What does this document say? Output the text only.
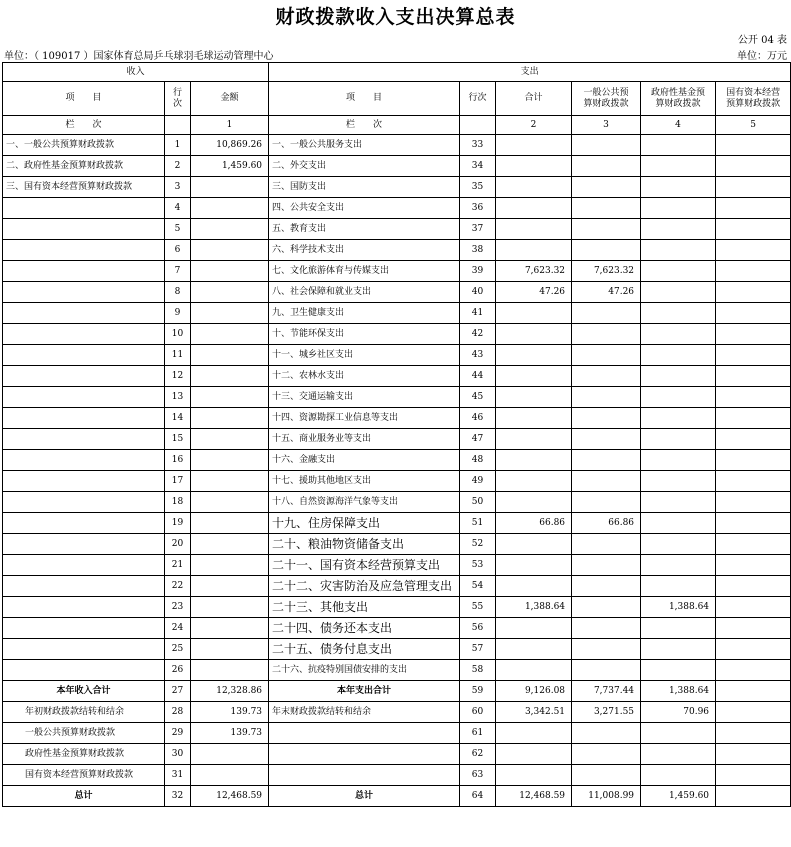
财政拨款收入支出决算总表
公开 04 表
单位：（ 109017 ）国家体育总局乒乓球羽毛球运动管理中心	单位：万元
收入			支出					
项　　目	行
次	金额	项　　目	行次	合计	一般公共预算财政拨款	政府性基金预算财政拨款	国有资本经营预算财政拨款
栏　　次		1	栏　　次		2	3	4	5
一、一般公共预算财政拨款	1	10,869.26	一、一般公共服务支出	33				
二、政府性基金预算财政拨款	2	1,459.60	二、外交支出	34				
三、国有资本经营预算财政拨款	3		三、国防支出	35				
	4		四、公共安全支出	36				
	5		五、教育支出	37				
	6		六、科学技术支出	38				
	7		七、文化旅游体育与传媒支出	39	7,623.32	7,623.32		
	8		八、社会保障和就业支出	40	47.26	47.26		
	9		九、卫生健康支出	41				
	10		十、节能环保支出	42				
	11		十一、城乡社区支出	43				
	12		十二、农林水支出	44				
	13		十三、交通运输支出	45				
	14		十四、资源勘探工业信息等支出	46				
	15		十五、商业服务业等支出	47				
	16		十六、金融支出	48				
	17		十七、援助其他地区支出	49				
	18		十八、自然资源海洋气象等支出	50				
	19		十九、住房保障支出	51	66.86	66.86		
	20		二十、粮油物资储备支出	52				
	21		二十一、国有资本经营预算支出	53				
	22		二十二、灾害防治及应急管理支出	54				
	23		二十三、其他支出	55	1,388.64		1,388.64	
	24		二十四、债务还本支出	56				
	25		二十五、债务付息支出	57				
	26		二十六、抗疫特别国债安排的支出	58				
本年收入合计	27	12,328.86	本年支出合计	59	9,126.08	7,737.44	1,388.64	
年初财政拨款结转和结余	28	139.73	年末财政拨款结转和结余	60	3,342.51	3,271.55	70.96	
一般公共预算财政拨款	29	139.73		61				
政府性基金预算财政拨款	30			62				
国有资本经营预算财政拨款	31			63				
总计	32	12,468.59	总计	64	12,468.59	11,008.99	1,459.60	
